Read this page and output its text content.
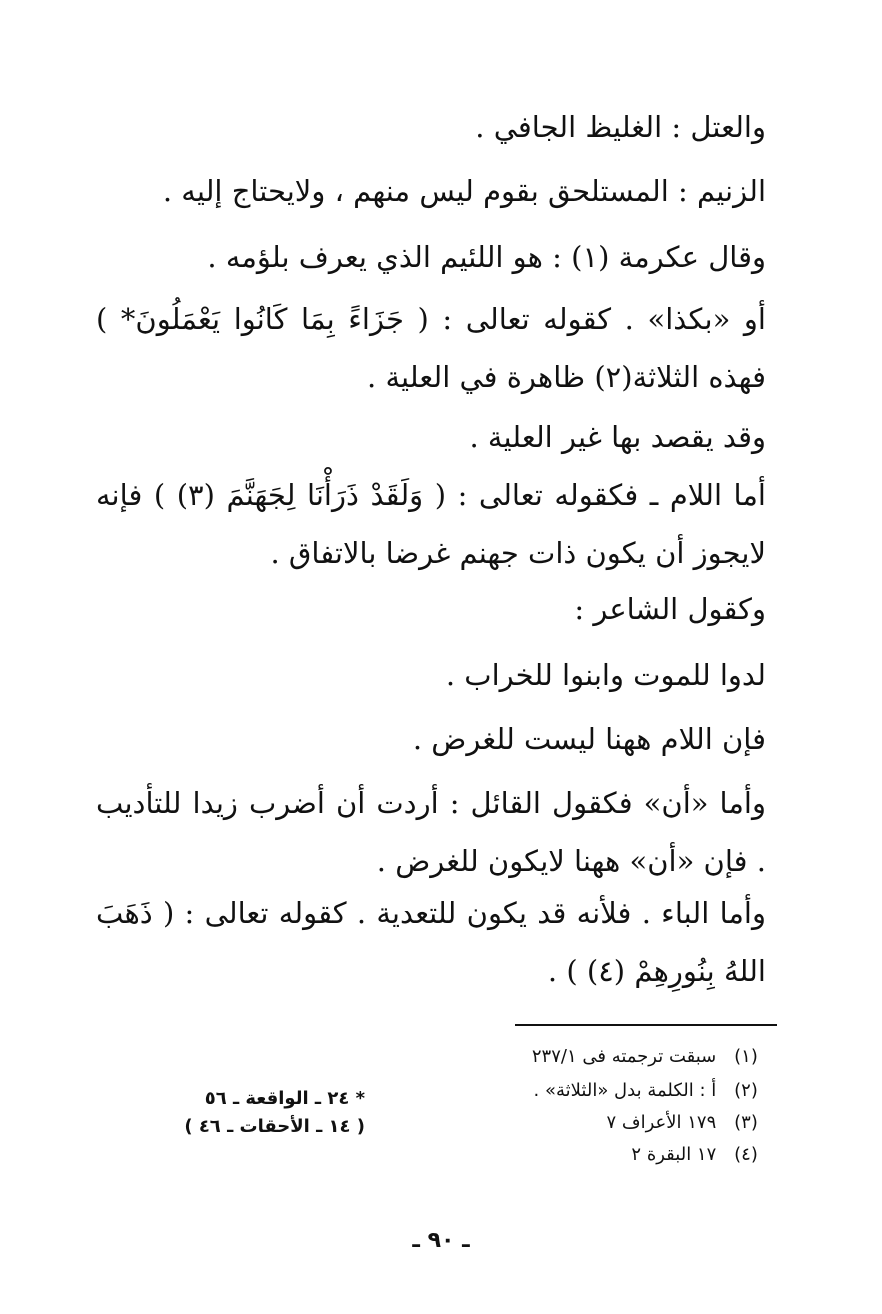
والعتل : الغليظ الجافي .
الزنيم : المستلحق بقوم ليس منهم ، ولايحتاج إليه .
وقال عكرمة (١) : هو اللئيم الذي يعرف بلؤمه .
أو «بكذا» . كقوله تعالى : ( جَزَاءً بِمَا كَانُوا يَعْمَلُونَ* ) فهذه الثلاثة(٢) ظاهرة في العلية .
وقد يقصد بها غير العلية .
أما اللام ـ فكقوله تعالى : ( وَلَقَدْ ذَرَأْنَا لِجَهَنَّمَ (٣) ) فإنه لايجوز أن يكون ذات جهنم غرضا بالاتفاق .
وكقول الشاعر :
لدوا للموت وابنوا للخراب .
فإن اللام ههنا ليست للغرض .
وأما «أن» فكقول القائل : أردت أن أضرب زيدا للتأديب . فإن «أن» ههنا لايكون للغرض .
وأما الباء . فلأنه قد يكون للتعدية . كقوله تعالى : ( ذَهَبَ اللهُ بِنُورِهِمْ (٤) ) .
(١) سبقت ترجمته فى ٢٣٧/١
(٢) أ : الكلمة بدل «الثلاثة» .
(٣) ١٧٩ الأعراف ٧
(٤) ١٧ البقرة ٢
* ٢٤ ـ الواقعة ـ ٥٦
( ١٤ ـ الأحقات ـ ٤٦ )
ـ ٩٠ ـ
